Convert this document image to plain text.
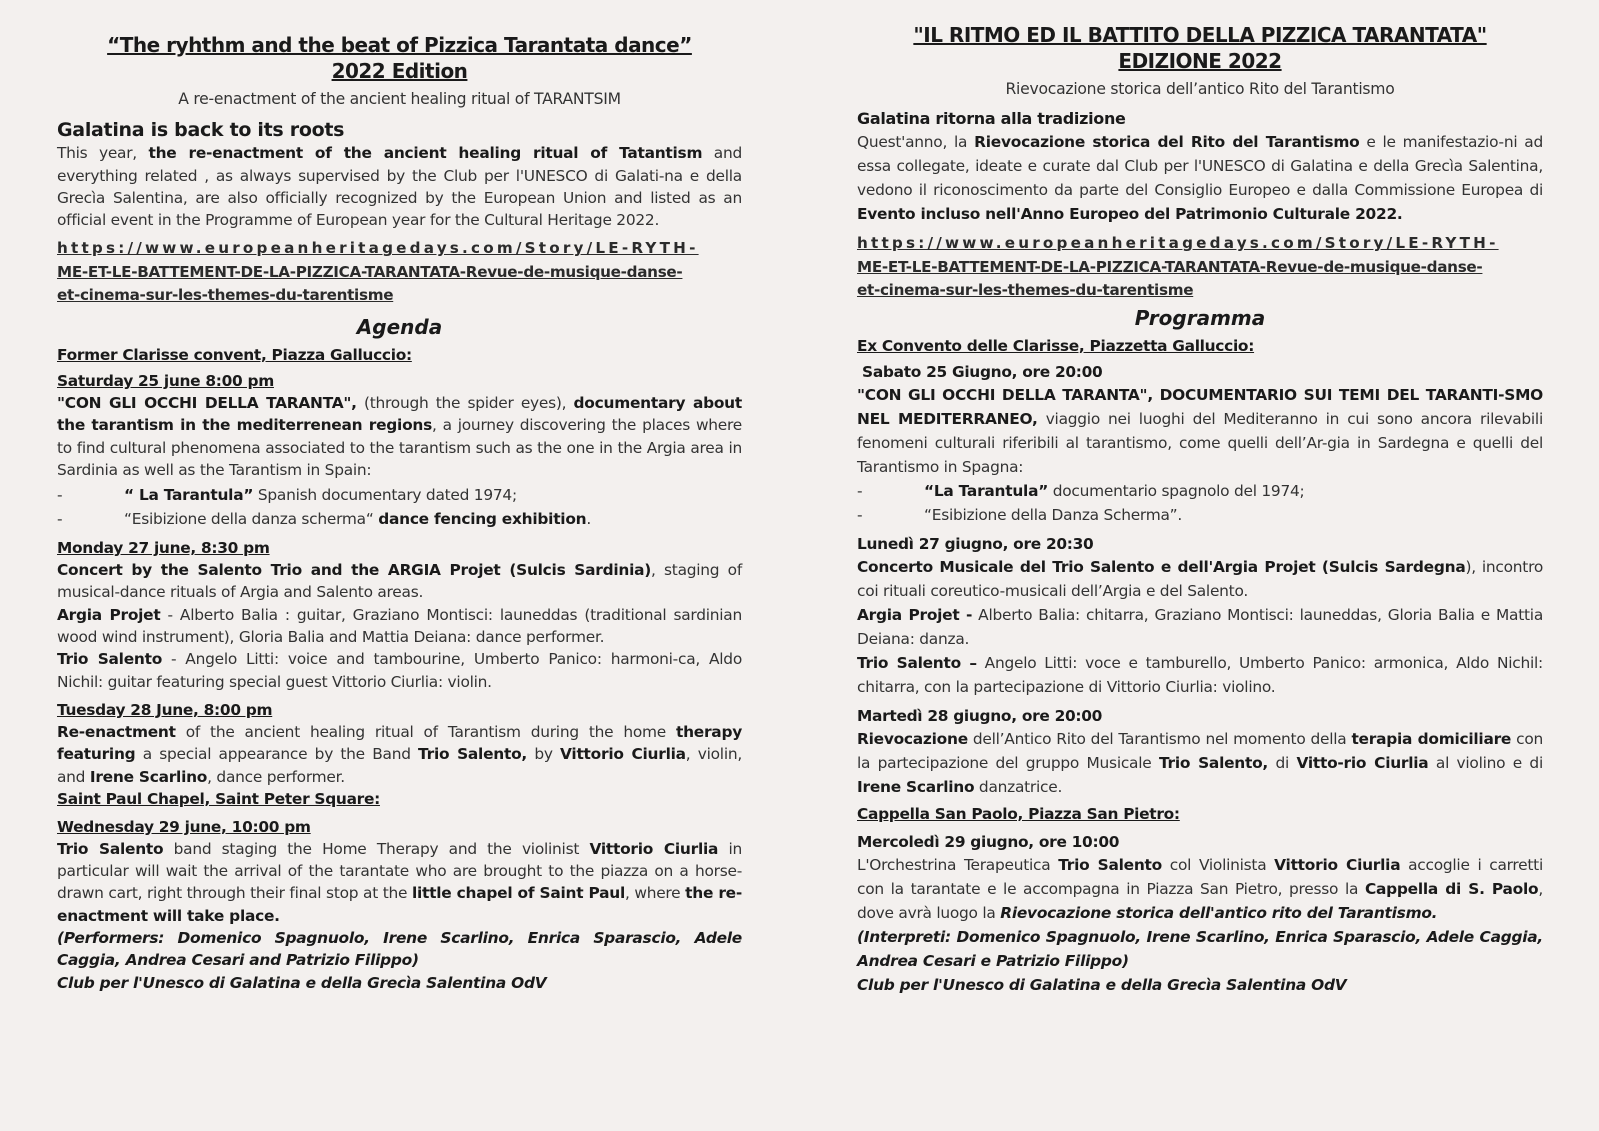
“The ryhthm and the beat of Pizzica Tarantata dance”
2022 Edition
A re-enactment of the ancient healing ritual of TARANTSIM
Galatina is back to its roots
This year, the re-enactment of the ancient healing ritual of Tatantism and everything related , as always supervised by the Club per l'UNESCO di Galati-na e della Grecìa Salentina, are also officially recognized by the European Union and listed as an official event in the Programme of European year for the Cultural Heritage 2022.
https://www.europeanheritagedays.com/Story/LE-RYTH-
ME-ET-LE-BATTEMENT-DE-LA-PIZZICA-TARANTATA-Revue-de-musique-danse-
et-cinema-sur-les-themes-du-tarentisme
Agenda
Former Clarisse convent, Piazza Galluccio:
Saturday 25 june 8:00 pm
"CON GLI OCCHI DELLA TARANTA", (through the spider eyes), documentary about the tarantism in the mediterrenean regions, a journey discovering the places where to find cultural phenomena associated to the tarantism such as the one in the Argia area in Sardinia as well as the Tarantism in Spain:
-	“ La Tarantula” Spanish documentary dated 1974;
-	“Esibizione della danza scherma“ dance fencing exhibition.
Monday 27 june, 8:30 pm
Concert by the Salento Trio and the ARGIA Projet (Sulcis Sardinia), staging of musical-dance rituals of Argia and Salento areas.
Argia Projet - Alberto Balia : guitar, Graziano Montisci: launeddas (traditional sardinian wood wind instrument), Gloria Balia and Mattia Deiana: dance performer.
Trio Salento - Angelo Litti: voice and tambourine, Umberto Panico: harmoni-ca, Aldo Nichil: guitar featuring special guest Vittorio Ciurlia: violin.
Tuesday 28 June, 8:00 pm
Re-enactment of the ancient healing ritual of Tarantism during the home therapy featuring a special appearance by the Band Trio Salento, by Vittorio Ciurlia, violin, and Irene Scarlino, dance performer.
Saint Paul Chapel, Saint Peter Square:
Wednesday 29 june, 10:00 pm
Trio Salento band staging the Home Therapy and the violinist Vittorio Ciurlia in particular will wait the arrival of the tarantate who are brought to the piazza on a horse-drawn cart, right through their final stop at the little chapel of Saint Paul, where the re-enactment will take place.
(Performers: Domenico Spagnuolo, Irene Scarlino, Enrica Sparascio, Adele Caggia, Andrea Cesari and Patrizio Filippo)
Club per l'Unesco di Galatina e della Grecìa Salentina OdV
"IL RITMO ED IL BATTITO DELLA PIZZICA TARANTATA"
EDIZIONE 2022
Rievocazione storica dell’antico Rito del Tarantismo
Galatina ritorna alla tradizione
Quest'anno, la Rievocazione storica del Rito del Tarantismo e le manifestazio-ni ad essa collegate, ideate e curate dal Club per l'UNESCO di Galatina e della Grecìa Salentina, vedono il riconoscimento da parte del Consiglio Europeo e dalla Commissione Europea di Evento incluso nell'Anno Europeo del Patrimonio Culturale 2022.
https://www.europeanheritagedays.com/Story/LE-RYTH-
ME-ET-LE-BATTEMENT-DE-LA-PIZZICA-TARANTATA-Revue-de-musique-danse-
et-cinema-sur-les-themes-du-tarentisme
Programma
Ex Convento delle Clarisse, Piazzetta Galluccio:
Sabato 25 Giugno, ore 20:00
"CON GLI OCCHI DELLA TARANTA", DOCUMENTARIO SUI TEMI DEL TARANTI-SMO NEL MEDITERRANEO, viaggio nei luoghi del Mediteranno in cui sono ancora rilevabili fenomeni culturali riferibili al tarantismo, come quelli dell’Ar-gia in Sardegna e quelli del Tarantismo in Spagna:
-	“La Tarantula” documentario spagnolo del 1974;
-	“Esibizione della Danza Scherma”.
Lunedì 27 giugno, ore 20:30
Concerto Musicale del Trio Salento e dell'Argia Projet (Sulcis Sardegna), incontro coi rituali coreutico-musicali dell’Argia e del Salento.
Argia Projet - Alberto Balia: chitarra, Graziano Montisci: launeddas, Gloria Balia e Mattia Deiana: danza.
Trio Salento – Angelo Litti: voce e tamburello, Umberto Panico: armonica, Aldo Nichil: chitarra, con la partecipazione di Vittorio Ciurlia: violino.
Martedì 28 giugno, ore 20:00
Rievocazione dell’Antico Rito del Tarantismo nel momento della terapia domiciliare con la partecipazione del gruppo Musicale Trio Salento, di Vitto-rio Ciurlia al violino e di Irene Scarlino danzatrice.
Cappella San Paolo, Piazza San Pietro:
Mercoledì 29 giugno, ore 10:00
L'Orchestrina Terapeutica Trio Salento col Violinista Vittorio Ciurlia accoglie i carretti con la tarantate e le accompagna in Piazza San Pietro, presso la Cappella di S. Paolo, dove avrà luogo la Rievocazione storica dell'antico rito del Tarantismo.
(Interpreti: Domenico Spagnuolo, Irene Scarlino, Enrica Sparascio, Adele Caggia, Andrea Cesari e Patrizio Filippo)
Club per l'Unesco di Galatina e della Grecìa Salentina OdV
